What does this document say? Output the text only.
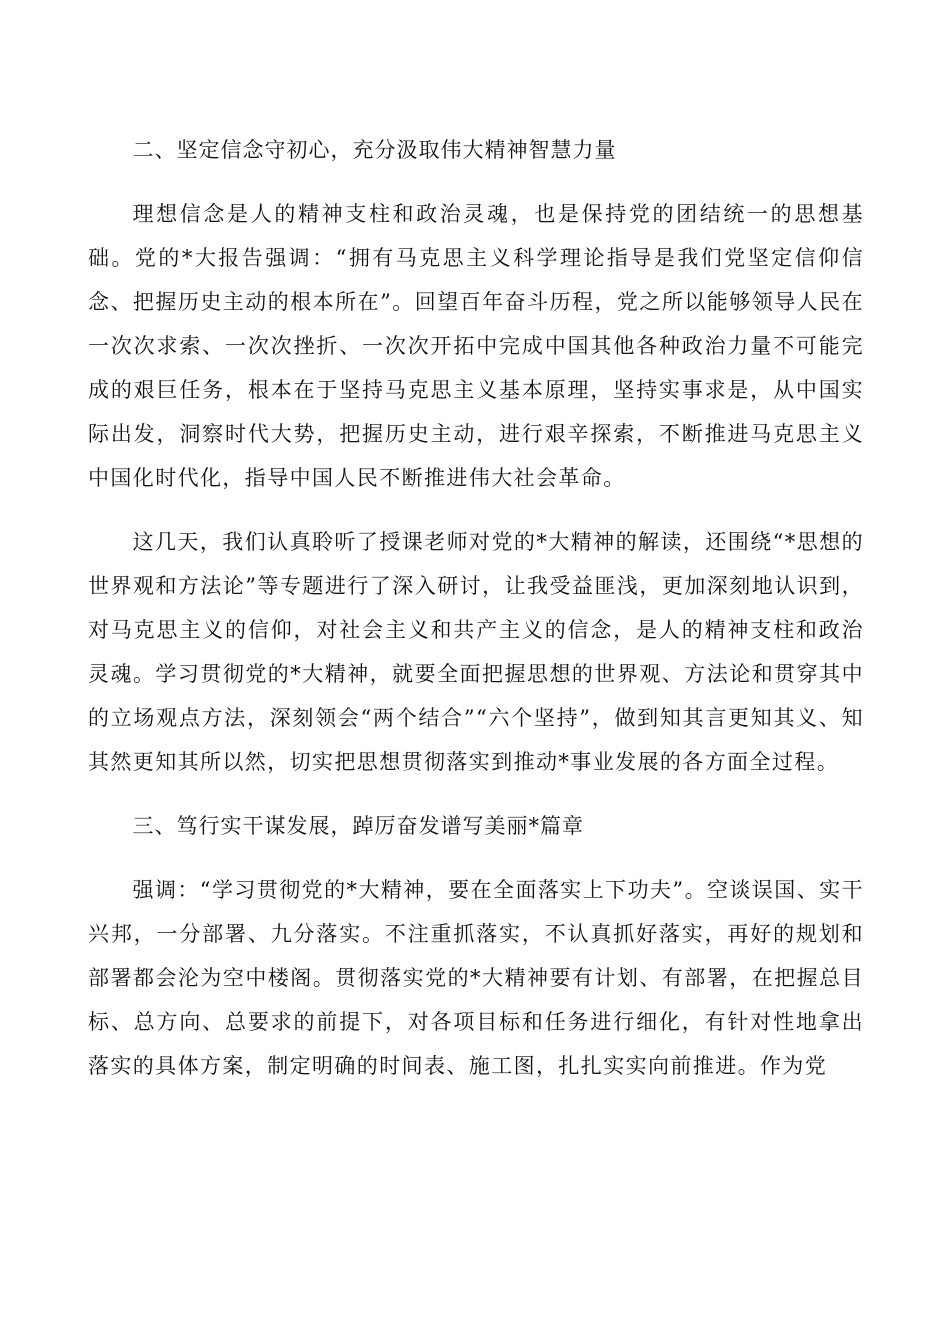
二、坚定信念守初心，充分汲取伟大精神智慧力量

理想信念是人的精神支柱和政治灵魂，也是保持党的团结统一的思想基础。党的*大报告强调：“拥有马克思主义科学理论指导是我们党坚定信仰信念、把握历史主动的根本所在”。回望百年奋斗历程，党之所以能够领导人民在一次次求索、一次次挫折、一次次开拓中完成中国其他各种政治力量不可能完成的艰巨任务，根本在于坚持马克思主义基本原理，坚持实事求是，从中国实际出发，洞察时代大势，把握历史主动，进行艰辛探索，不断推进马克思主义中国化时代化，指导中国人民不断推进伟大社会革命。

这几天，我们认真聆听了授课老师对党的*大精神的解读，还围绕“*思想的世界观和方法论”等专题进行了深入研讨，让我受益匪浅，更加深刻地认识到，对马克思主义的信仰，对社会主义和共产主义的信念，是人的精神支柱和政治灵魂。学习贯彻党的*大精神，就要全面把握思想的世界观、方法论和贯穿其中的立场观点方法，深刻领会“两个结合”“六个坚持”，做到知其言更知其义、知其然更知其所以然，切实把思想贯彻落实到推动*事业发展的各方面全过程。

三、笃行实干谋发展，踔厉奋发谱写美丽*篇章

强调：“学习贯彻党的*大精神，要在全面落实上下功夫”。空谈误国、实干兴邦，一分部署、九分落实。不注重抓落实，不认真抓好落实，再好的规划和部署都会沦为空中楼阁。贯彻落实党的*大精神要有计划、有部署，在把握总目标、总方向、总要求的前提下，对各项目标和任务进行细化，有针对性地拿出落实的具体方案，制定明确的时间表、施工图，扎扎实实向前推进。作为党
